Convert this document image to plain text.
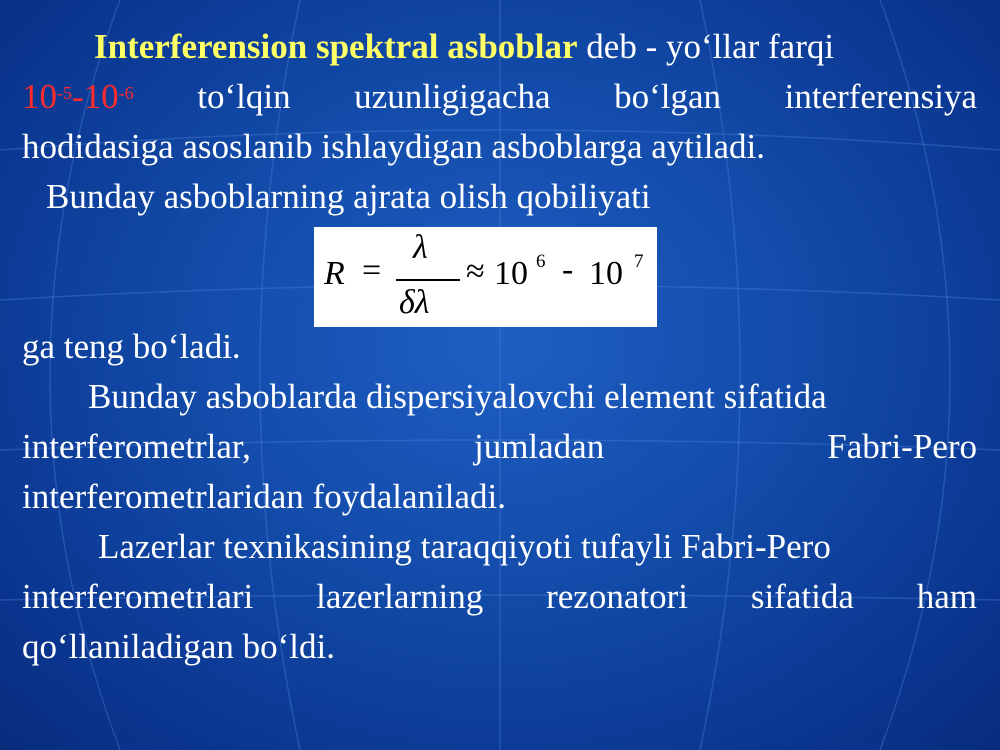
Interferension spektral asboblar deb - yo‘llar farqi
$10^{-5}-10^{-6}$ to‘lqin uzunligigacha bo‘lgan interferensiya
hodidasiga asoslanib ishlaydigan asboblarga aytiladi.
Bunday asboblarning ajrata olish qobiliyati
ga teng bo‘ladi.
Bunday asboblarda dispersiyalovchi element sifatida
interferometrlar,	jumladan	Fabri-Pero
interferometrlaridan foydalaniladi.
Lazerlar texnikasining taraqqiyoti tufayli Fabri-Pero
interferometrlari lazerlarning rezonatori sifatida ham
qo‘llaniladigan bo‘ldi.
R =
λ
δλ
≈ 10 6 - 10 7
